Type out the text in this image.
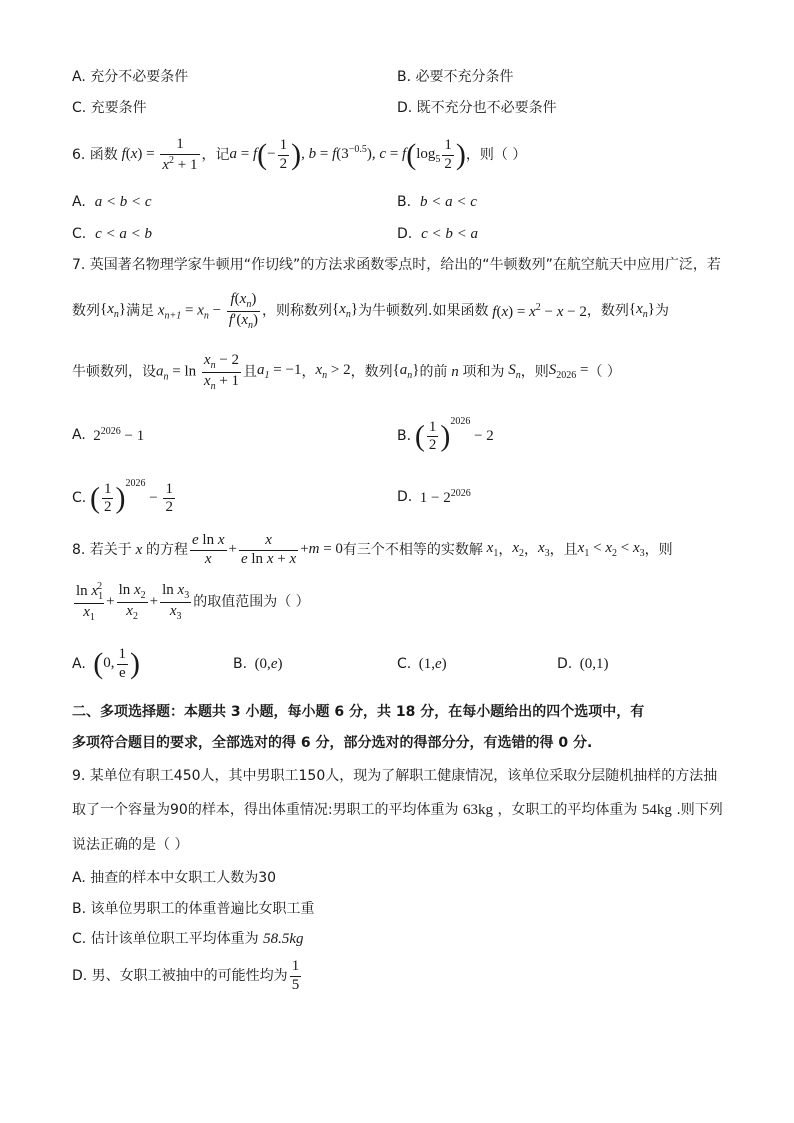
A. 充分不必要条件	B. 必要不充分条件
C. 充要条件	D. 既不充分也不必要条件
6. 函数 $f(x) = \frac{1}{x^2 + 1}$ ，记 $a = f(- \frac{1}{2}$ ), $b = f(3^{-0.5})$, $c = f(\log_5 \frac{1}{2}$ ) ，则（ ）
A.  a < b < c	B.  b < a < c
C.  c < a < b	D.  c < b < a
7. 英国著名物理学家牛顿用“作切线”的方法求函数零点时，给出的“牛顿数列”在航空航天中应用广泛，若
数列 $\{x_n\}$ 满足 $x_{n+1} = x_n - \frac{f(x_n)}{f'(x_n)}$ ，则称数列 $\{x_n\}$ 为牛顿数列.如果函数 $f(x) = x^2 - x - 2$ ，数列 $\{x_n\}$ 为
牛顿数列，设 $a_n = \ln \frac{x_n - 2}{x_n + 1}$ 且 $a_1 = -1$ ， $x_n > 2$ ，数列 $\{a_n\}$ 的前 n 项和为 $S_n$ ，则 $S_{2026}$ = （ ）
A. $2^{2026} - 1$	B. ( $\frac{1}{2} )^{2026} - 2$
C. ( $\frac{1}{2} )^{2026} - \frac{1}{2}$	D. $1 - 2^{2026}$
8. 若关于 x 的方程 $\frac{\text{e ln x}}{x} + \frac{x}{\text{e ln x + x}} +m = 0$ 有三个不相等的实数解 $x_1$ ， $x_2$ ， $x_3$ ，且 $x_1 < x_2 < x_3$ ，则
$\frac{\ln x_1^2}{x_1} + \frac{\ln x_2}{x_2} + \frac{\ln x_3}{x_3}$ 的取值范围为（ ）
A. (0, $\frac{1}{e}$ )	B. (0,e)	C. (1,e)	D. (0,1)
二、多项选择题：本题共 3 小题，每小题 6 分，共 18 分，在每小题给出的四个选项中，有
多项符合题目的要求，全部选对的得 6 分，部分选对的得部分分，有选错的得 0 分.
9. 某单位有职工450人，其中男职工150人，现为了解职工健康情况，该单位采取分层随机抽样的方法抽
取了一个容量为90的样本，得出体重情况:男职工的平均体重为 63kg ，女职工的平均体重为 54kg .则下列
说法正确的是（ ）
A. 抽查的样本中女职工人数为30
B. 该单位男职工的体重普遍比女职工重
C. 估计该单位职工平均体重为 58.5kg
D. 男、女职工被抽中的可能性均为 $\frac{1}{5}$
